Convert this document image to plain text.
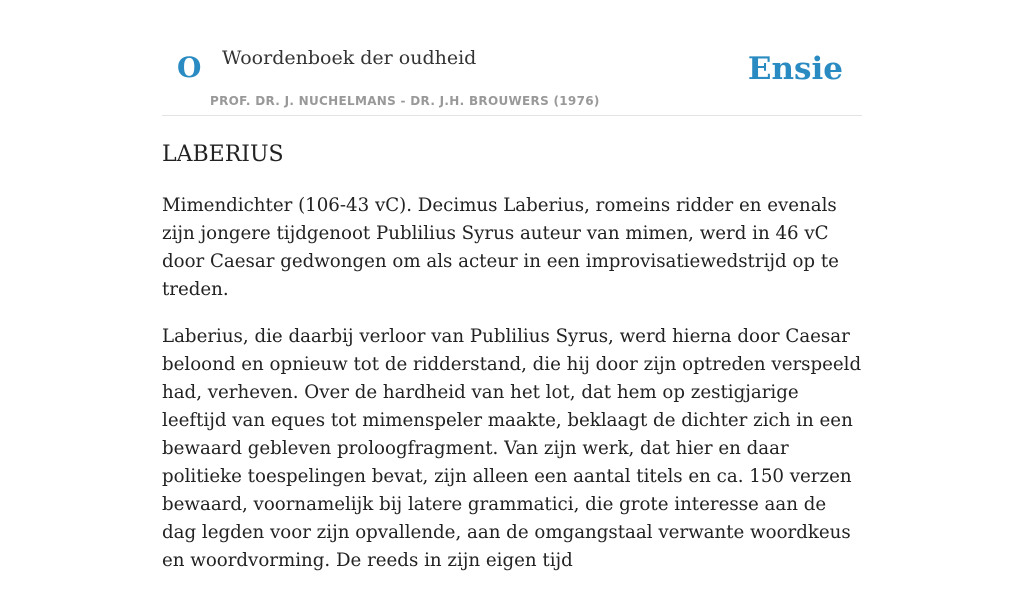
O Woordenboek der oudheid
PROF. DR. J. NUCHELMANS - DR. J.H. BROUWERS (1976)
Ensie
LABERIUS

Mimendichter (106-43 vC). Decimus Laberius, romeins ridder en evenals zijn jongere tijdgenoot Publilius Syrus auteur van mimen, werd in 46 vC door Caesar gedwongen om als acteur in een improvisatiewedstrijd op te treden.

Laberius, die daarbij verloor van Publilius Syrus, werd hierna door Caesar beloond en opnieuw tot de ridderstand, die hij door zijn optreden verspeeld had, verheven. Over de hardheid van het lot, dat hem op zestigjarige leeftijd van eques tot mimenspeler maakte, beklaagt de dichter zich in een bewaard gebleven proloogfragment. Van zijn werk, dat hier en daar politieke toespelingen bevat, zijn alleen een aantal titels en ca. 150 verzen bewaard, voornamelijk bij latere grammatici, die grote interesse aan de dag legden voor zijn opvallende, aan de omgangstaal verwante woordkeus en woordvorming. De reeds in zijn eigen tijd
